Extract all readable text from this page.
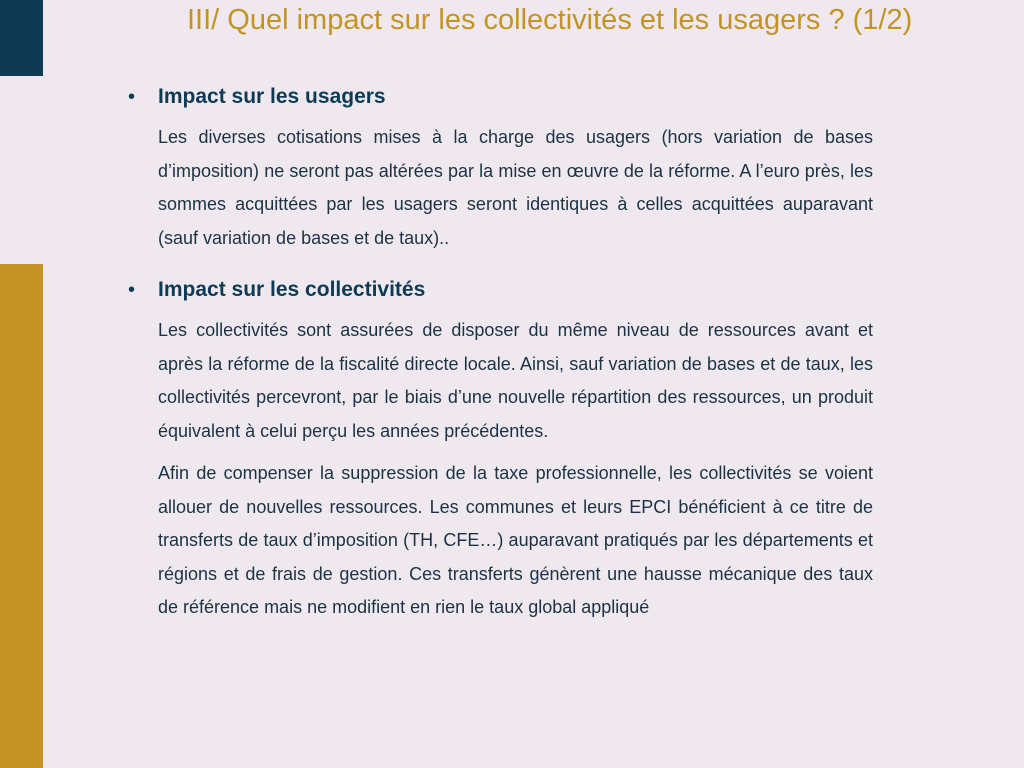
III/ Quel impact sur les collectivités et les usagers ? (1/2)
• Impact sur les usagers

Les diverses cotisations mises à la charge des usagers (hors variation de bases d’imposition) ne seront pas altérées par la mise en œuvre de la réforme. A l’euro près, les sommes acquittées par les usagers seront identiques à celles acquittées auparavant (sauf variation de bases et de taux)..

• Impact sur les collectivités

Les collectivités sont assurées de disposer du même niveau de ressources avant et après la réforme de la fiscalité directe locale. Ainsi, sauf variation de bases et de taux, les collectivités percevront, par le biais d’une nouvelle répartition des ressources, un produit équivalent à celui perçu les années précédentes.

Afin de compenser la suppression de la taxe professionnelle, les collectivités se voient allouer de nouvelles ressources. Les communes et leurs EPCI bénéficient à ce titre de transferts de taux d’imposition (TH, CFE…) auparavant pratiqués par les départements et régions et de frais de gestion. Ces transferts génèrent une hausse mécanique des taux de référence mais ne modifient en rien le taux global appliqué
